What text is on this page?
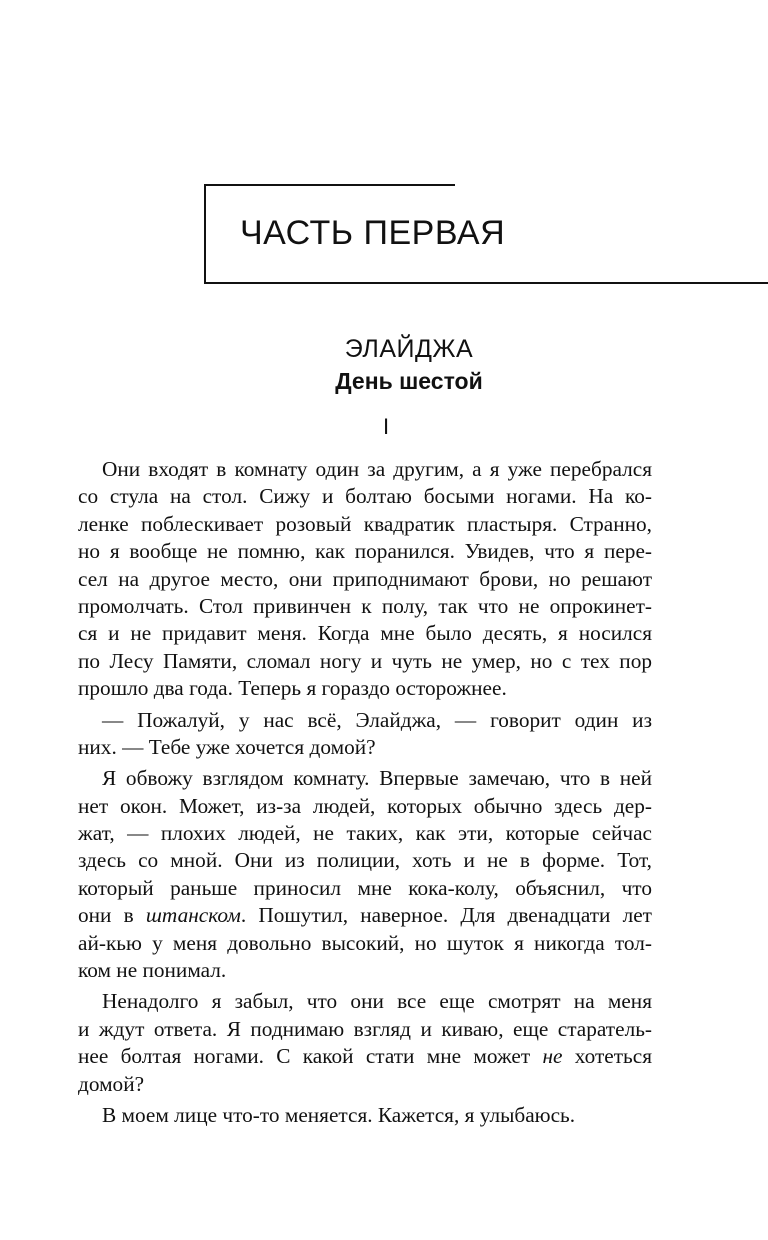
ЧАСТЬ ПЕРВАЯ
ЭЛАЙДЖА
День шестой
I
Они входят в комнату один за другим, а я уже перебрался
со стула на стол. Сижу и болтаю босыми ногами. На ко-
ленке поблескивает розовый квадратик пластыря. Странно,
но я вообще не помню, как поранился. Увидев, что я пере-
сел на другое место, они приподнимают брови, но решают
промолчать. Стол привинчен к полу, так что не опрокинет-
ся и не придавит меня. Когда мне было десять, я носился
по Лесу Памяти, сломал ногу и чуть не умер, но с тех пор
прошло два года. Теперь я гораздо осторожнее.
— Пожалуй, у нас всё, Элайджа, — говорит один из
них. — Тебе уже хочется домой?
Я обвожу взглядом комнату. Впервые замечаю, что в ней
нет окон. Может, из-за людей, которых обычно здесь дер-
жат, — плохих людей, не таких, как эти, которые сейчас
здесь со мной. Они из полиции, хоть и не в форме. Тот,
который раньше приносил мне кока-колу, объяснил, что
они в штанском. Пошутил, наверное. Для двенадцати лет
ай-кью у меня довольно высокий, но шуток я никогда тол-
ком не понимал.
Ненадолго я забыл, что они все еще смотрят на меня
и ждут ответа. Я поднимаю взгляд и киваю, еще старатель-
нее болтая ногами. С какой стати мне может не хотеться
домой?
В моем лице что-то меняется. Кажется, я улыбаюсь.
